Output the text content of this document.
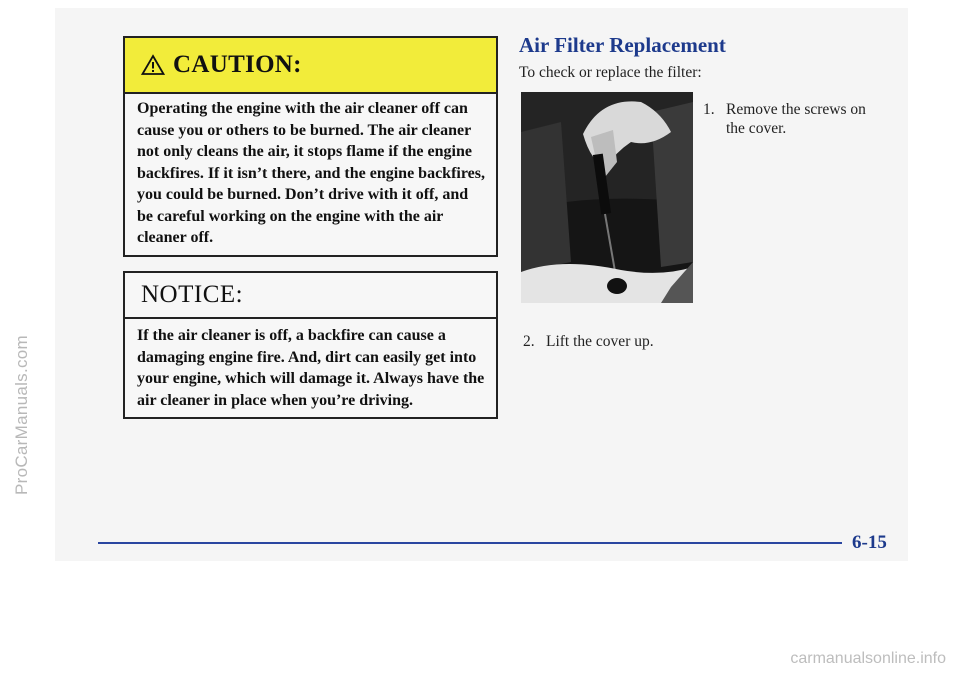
ProCarManuals.com
carmanualsonline.info
CAUTION:
Operating the engine with the air cleaner off can cause you or others to be burned. The air cleaner not only cleans the air, it stops flame if the engine backfires. If it isn’t there, and the engine backfires, you could be burned. Don’t drive with it off, and be careful working on the engine with the air cleaner off.
NOTICE:
If the air cleaner is off, a backfire can cause a damaging engine fire. And, dirt can easily get into your engine, which will damage it. Always have the air cleaner in place when you’re driving.
Air Filter Replacement
To check or replace the filter:
1. Remove the screws on the cover.
2. Lift the cover up.
6-15
